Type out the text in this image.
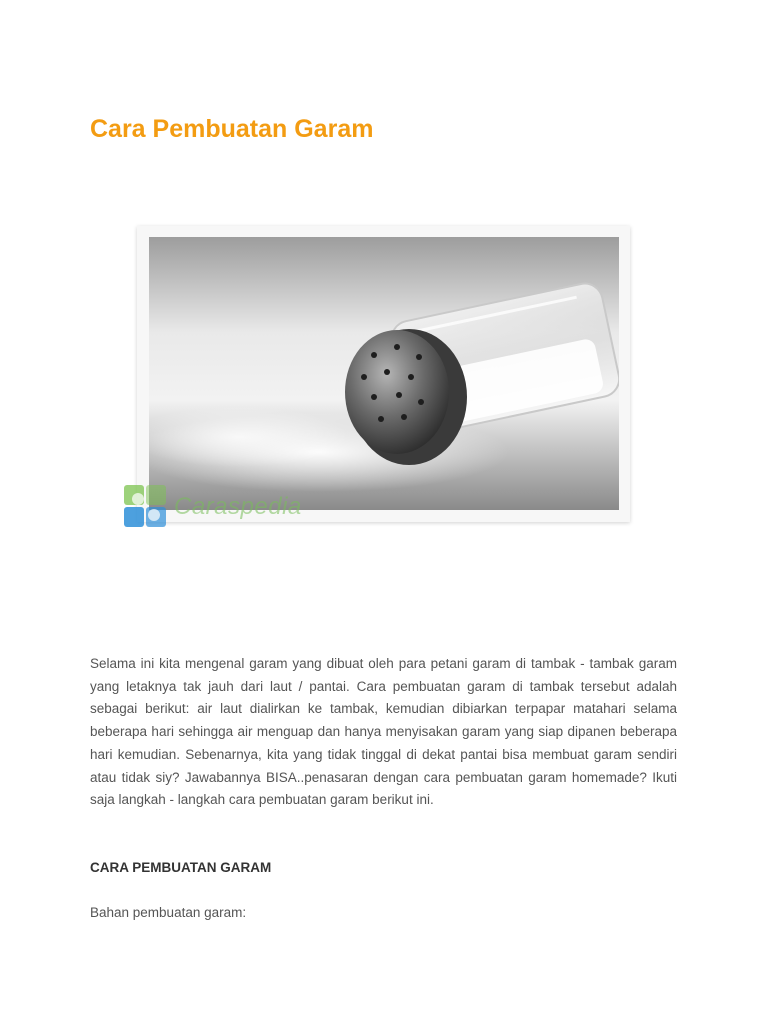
Cara Pembuatan Garam
Caraspedia

Selama ini kita mengenal garam yang dibuat oleh para petani garam di tambak - tambak garam yang letaknya tak jauh dari laut / pantai. Cara pembuatan garam di tambak tersebut adalah sebagai berikut: air laut dialirkan ke tambak, kemudian dibiarkan terpapar matahari selama beberapa hari sehingga air menguap dan hanya menyisakan garam yang siap dipanen beberapa hari kemudian. Sebenarnya, kita yang tidak tinggal di dekat pantai bisa membuat garam sendiri atau tidak siy? Jawabannya BISA..penasaran dengan cara pembuatan garam homemade? Ikuti saja langkah - langkah cara pembuatan garam berikut ini.

CARA PEMBUATAN GARAM

Bahan pembuatan garam:
